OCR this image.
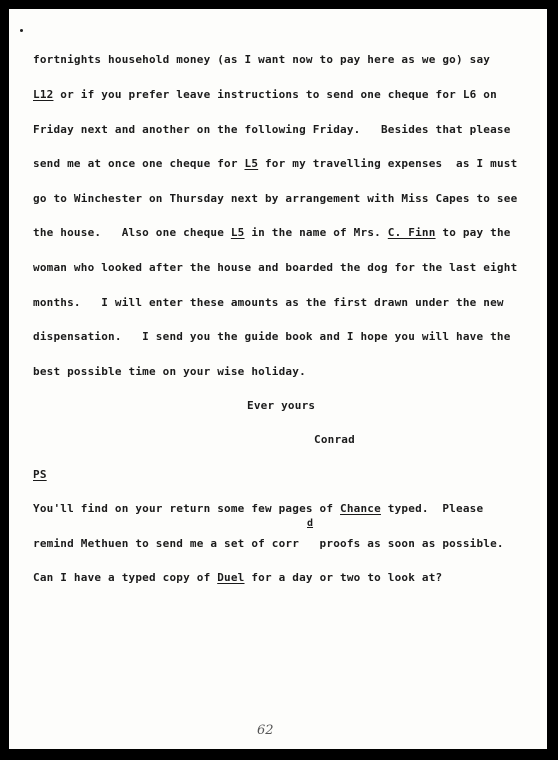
fortnights household money (as I want now to pay here as we go) say
L12 or if you prefer leave instructions to send one cheque for L6 on
Friday next and another on the following Friday.   Besides that please
send me at once one cheque for L5 for my travelling expenses  as I must
go to Winchester on Thursday next by arrangement with Miss Capes to see
the house.   Also one cheque L5 in the name of Mrs. C. Finn to pay the
woman who looked after the house and boarded the dog for the last eight
months.   I will enter these amounts as the first drawn under the new
dispensation.   I send you the guide book and I hope you will have the
best possible time on your wise holiday.
Ever yours
Conrad
PS
You'll find on your return some few pages of Chance typed.  Please
d
remind Methuen to send me a set of corr   proofs as soon as possible.
Can I have a typed copy of Duel for a day or two to look at?
62
